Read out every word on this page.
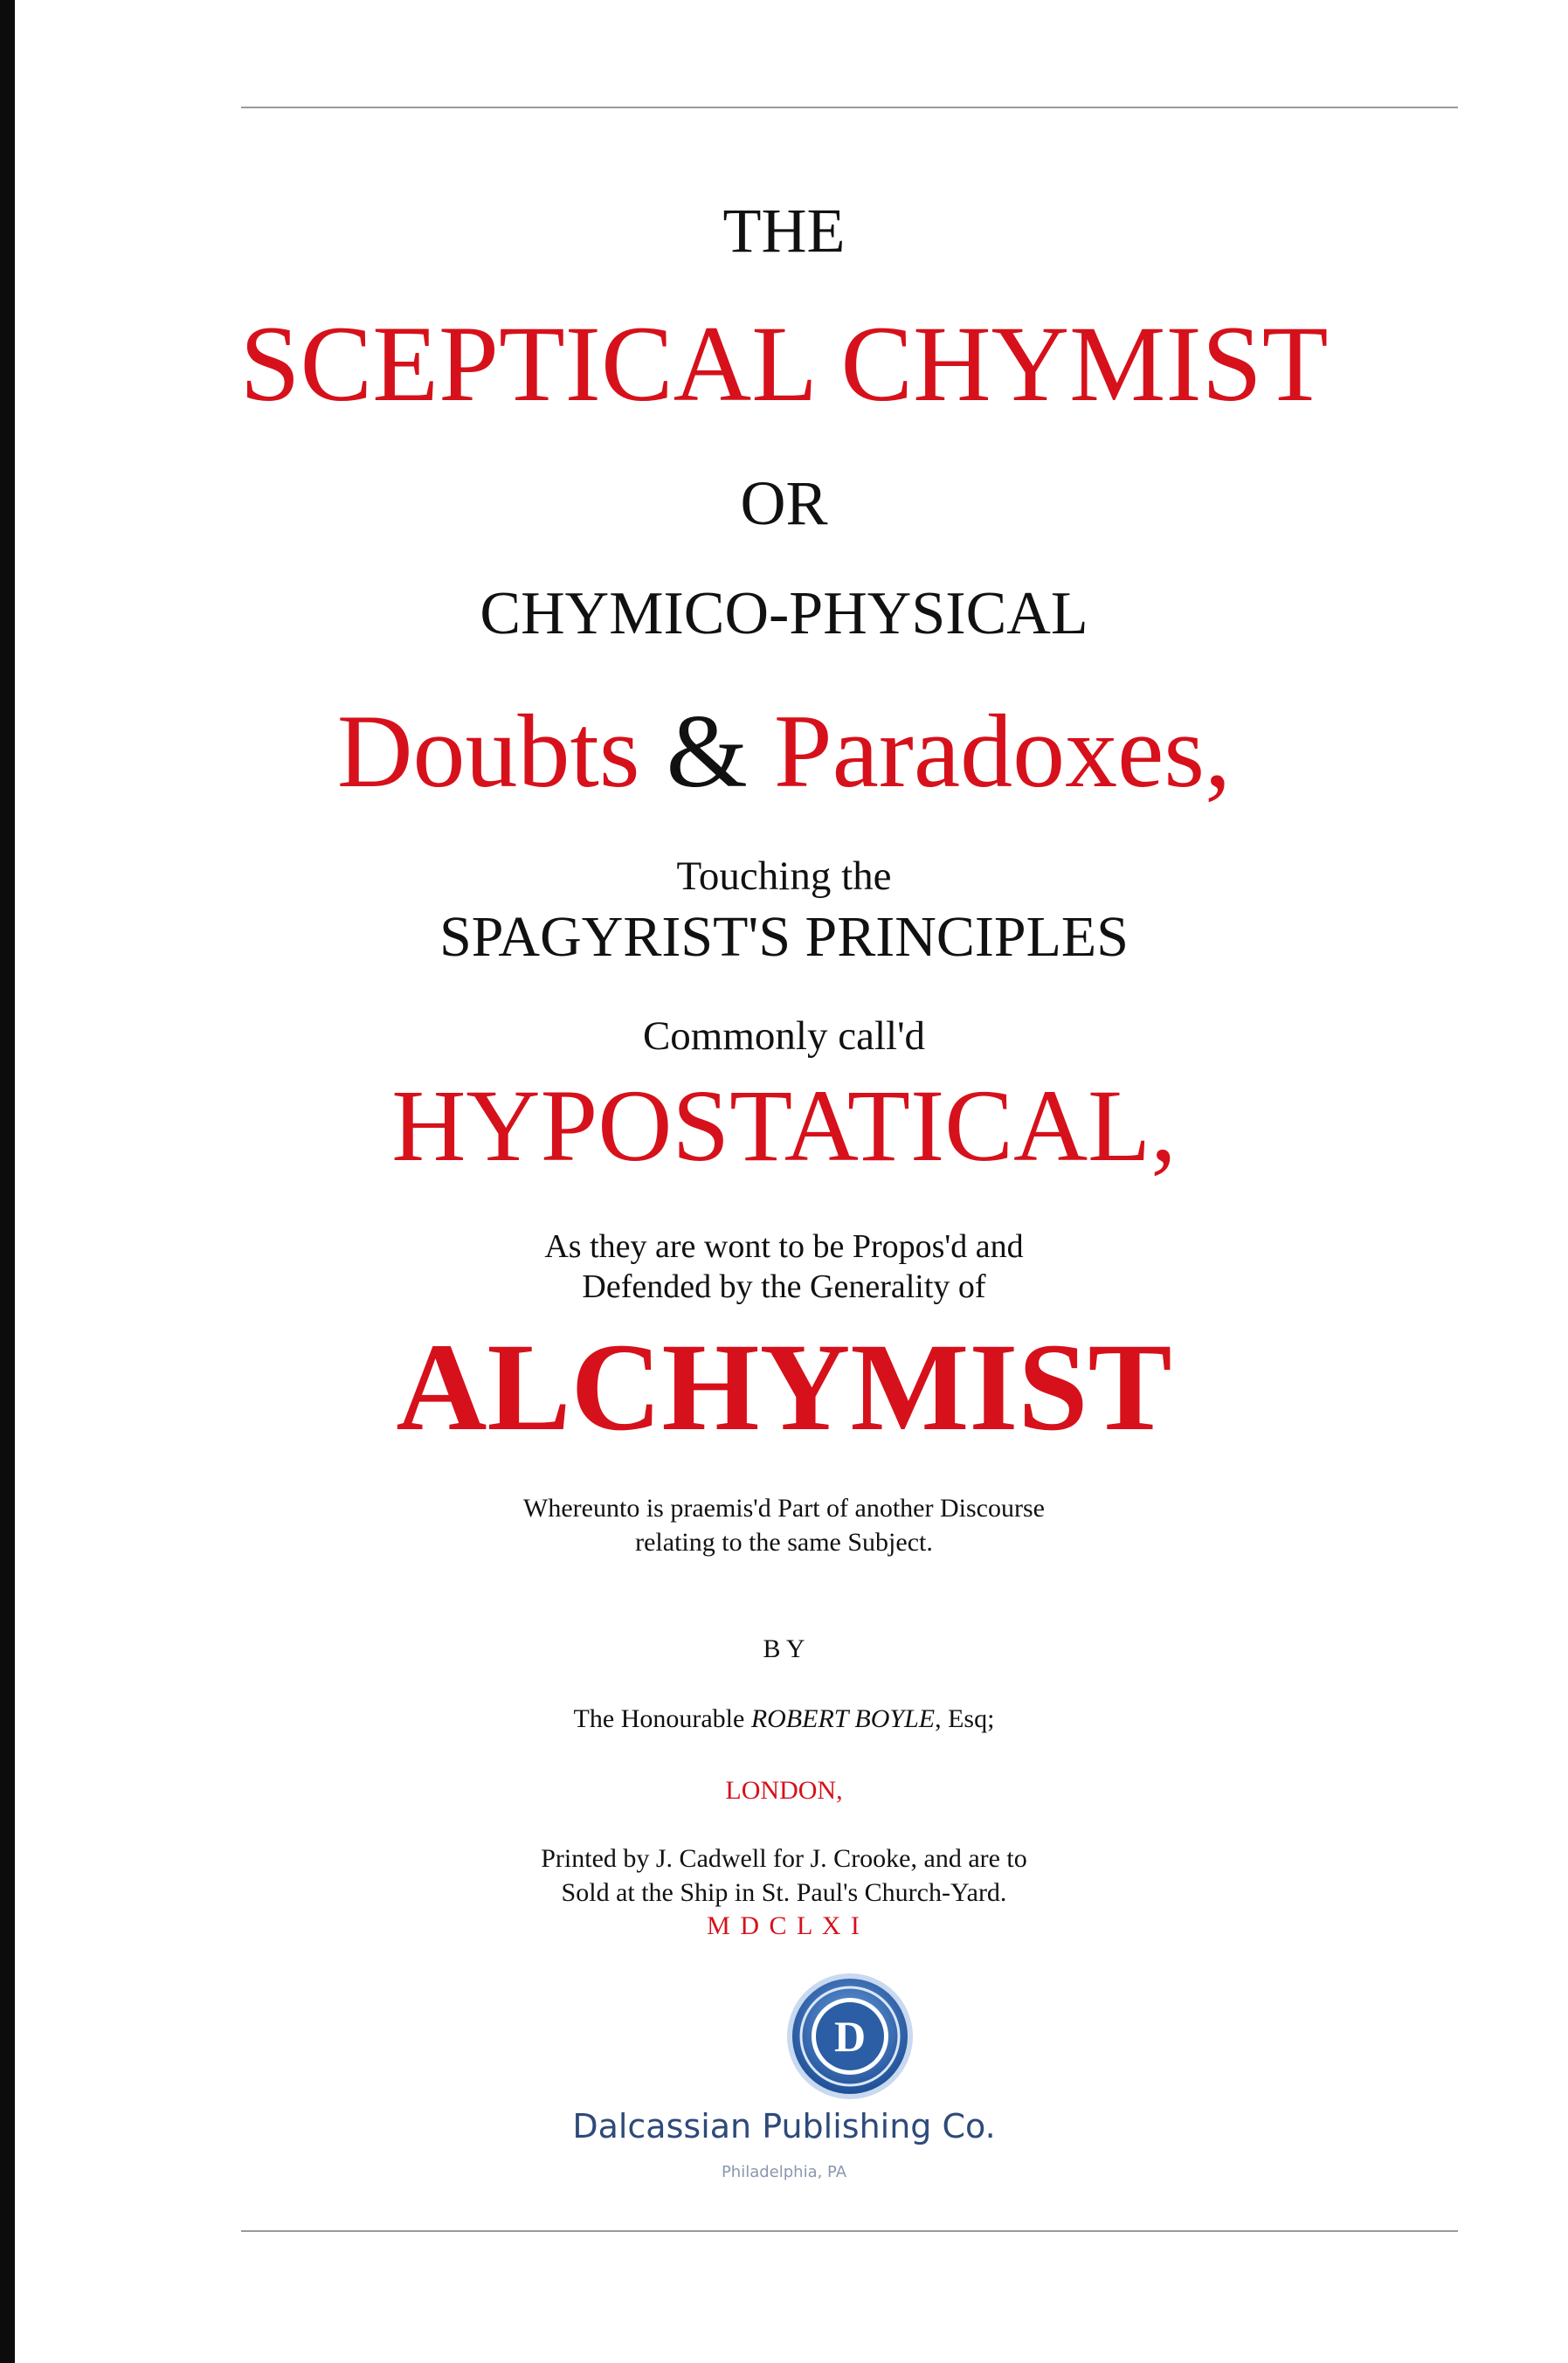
THE
SCEPTICAL CHYMIST
OR
CHYMICO-PHYSICAL
Doubts & Paradoxes,
Touching the
SPAGYRIST'S PRINCIPLES
Commonly call'd
HYPOSTATICAL,
As they are wont to be Propos'd and
Defended by the Generality of
ALCHYMIST
Whereunto is praemis'd Part of another Discourse
relating to the same Subject.
B Y
The Honourable ROBERT BOYLE, Esq;
LONDON,
Printed by J. Cadwell for J. Crooke, and are to
Sold at the Ship in St. Paul's Church-Yard.
M D C L X I
D
Dalcassian Publishing Co.
Philadelphia, PA
